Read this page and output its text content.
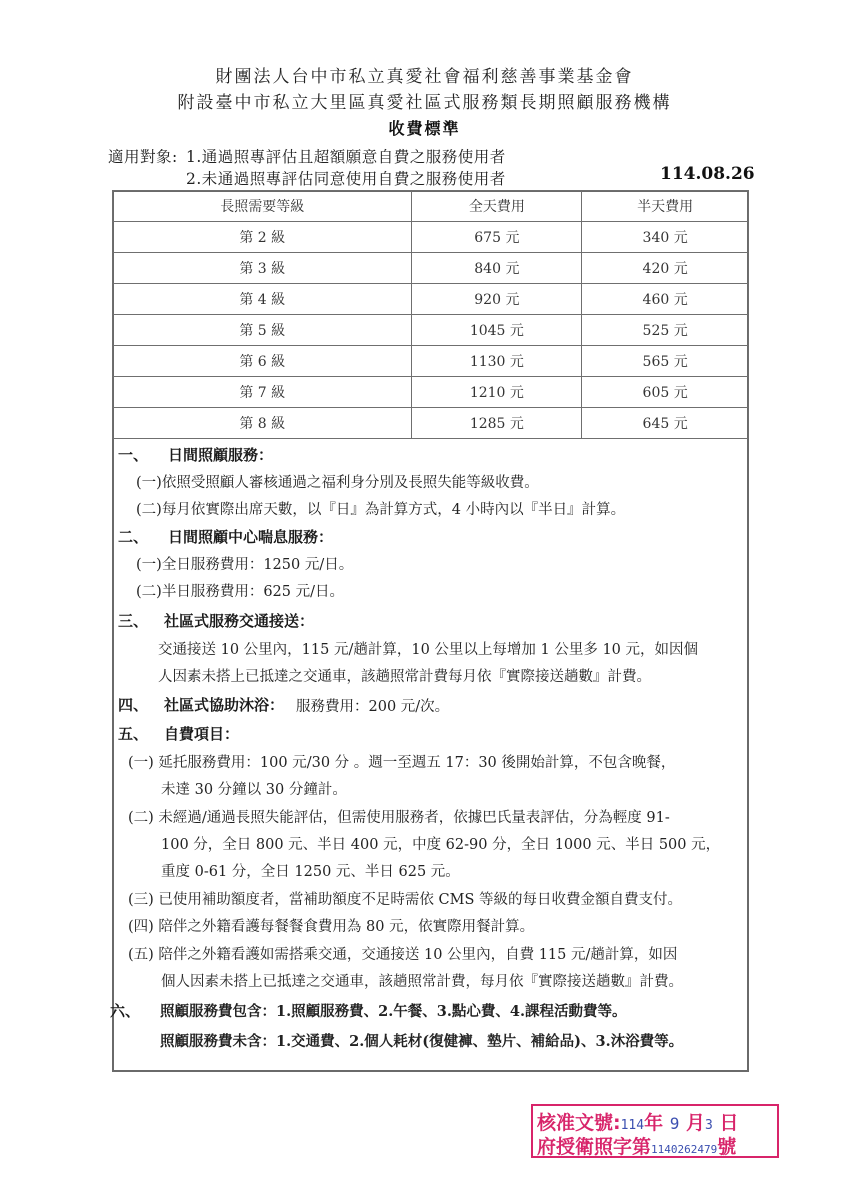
財團法人台中市私立真愛社會福利慈善事業基金會
附設臺中市私立大里區真愛社區式服務類長期照顧服務機構
收費標準
適用對象: 1.通過照專評估且超額願意自費之服務使用者
2.未通過照專評估同意使用自費之服務使用者	114.08.26
長照需要等級	全天費用	半天費用
第 2 級	675 元	340 元
第 3 級	840 元	420 元
第 4 級	920 元	460 元
第 5 級	1045 元	525 元
第 6 級	1130 元	565 元
第 7 級	1210 元	605 元
第 8 級	1285 元	645 元
一、 日間照顧服務：
(一)依照受照顧人審核通過之福利身分別及長照失能等級收費。
(二)每月依實際出席天數，以『日』為計算方式，4 小時內以『半日』計算。
二、 日間照顧中心喘息服務：
(一)全日服務費用：1250 元/日。
(二)半日服務費用：625 元/日。
三、 社區式服務交通接送：
交通接送 10 公里內，115 元/趟計算，10 公里以上每增加 1 公里多 10 元，如因個
人因素未搭上已抵達之交通車，該趟照常計費每月依『實際接送趟數』計費。
四、 社區式協助沐浴： 服務費用：200 元/次。
五、 自費項目：
(一) 延托服務費用：100 元/30 分 。週一至週五 17：30 後開始計算，不包含晚餐，
未達 30 分鐘以 30 分鐘計。
(二) 未經過/通過長照失能評估，但需使用服務者，依據巴氏量表評估，分為輕度 91-
100 分，全日 800 元、半日 400 元，中度 62-90 分，全日 1000 元、半日 500 元，
重度 0-61 分，全日 1250 元、半日 625 元。
(三) 已使用補助額度者，當補助額度不足時需依 CMS 等級的每日收費金額自費支付。
(四) 陪伴之外籍看護每餐餐食費用為 80 元，依實際用餐計算。
(五) 陪伴之外籍看護如需搭乘交通，交通接送 10 公里內，自費 115 元/趟計算，如因
個人因素未搭上已抵達之交通車，該趟照常計費，每月依『實際接送趟數』計費。
六、 照顧服務費包含：1.照顧服務費、2.午餐、3.點心費、4.課程活動費等。
照顧服務費未含：1.交通費、2.個人耗材(復健褲、墊片、補給品)、3.沐浴費等。
核准文號:114年 9 月3 日
府授衛照字第1140262479號
